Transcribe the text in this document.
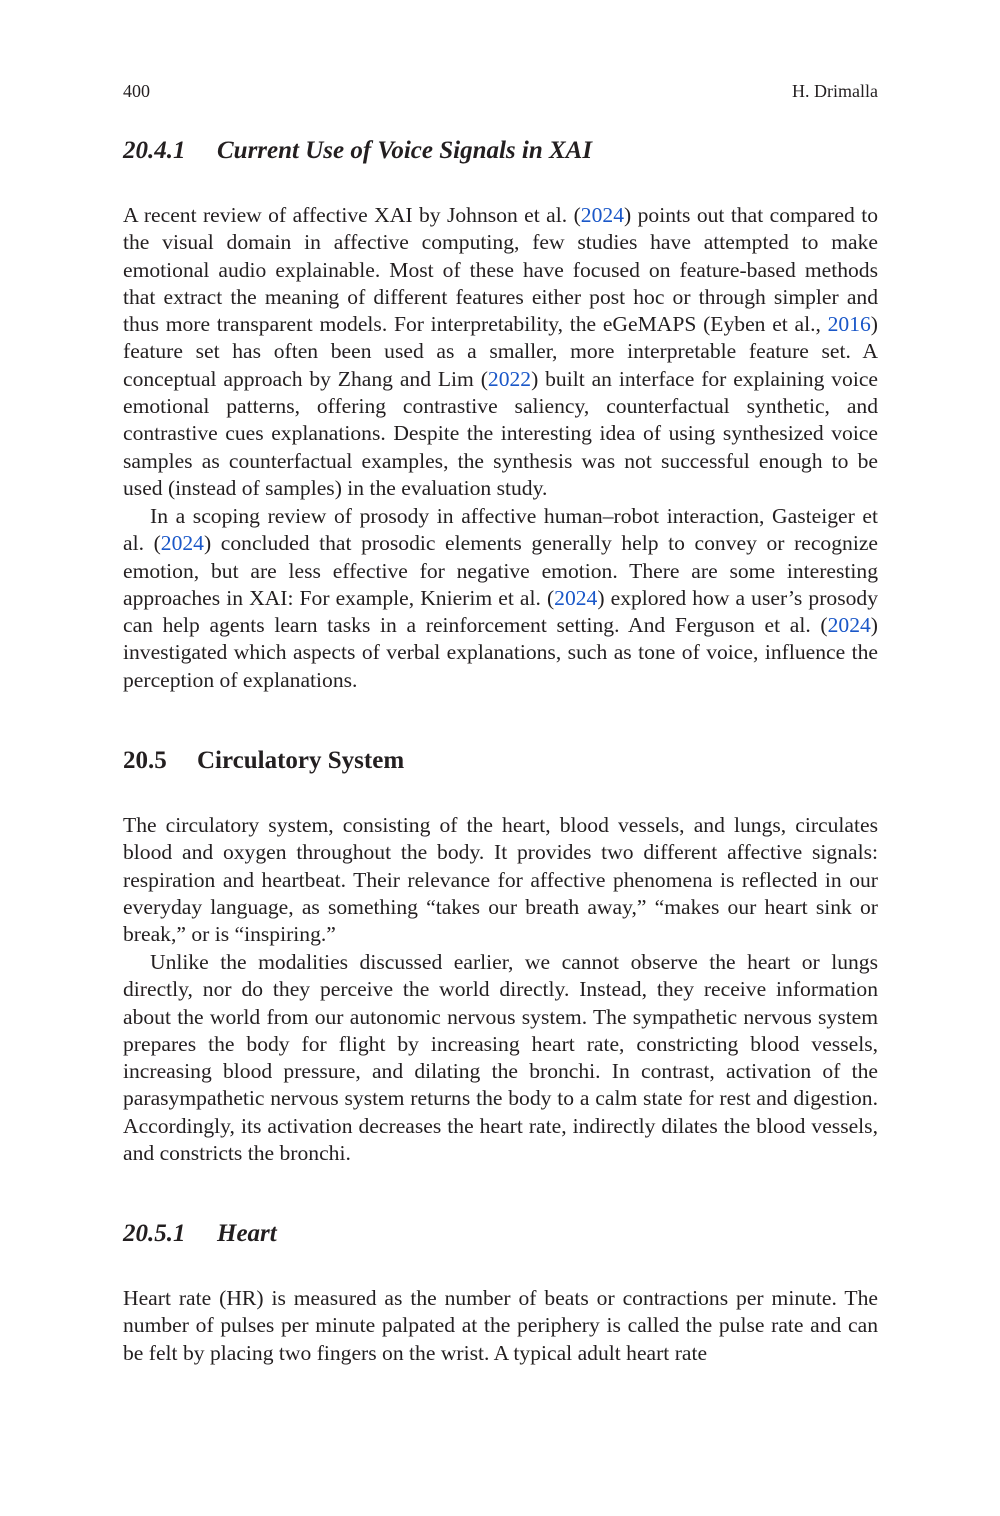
400	H. Drimalla
20.4.1 Current Use of Voice Signals in XAI

A recent review of affective XAI by Johnson et al. (2024) points out that compared to the visual domain in affective computing, few studies have attempted to make emotional audio explainable. Most of these have focused on feature-based methods that extract the meaning of different features either post hoc or through simpler and thus more transparent models. For interpretability, the eGeMAPS (Eyben et al., 2016) feature set has often been used as a smaller, more interpretable feature set. A conceptual approach by Zhang and Lim (2022) built an interface for explaining voice emotional patterns, offering contrastive saliency, counterfactual synthetic, and contrastive cues explanations. Despite the interesting idea of using synthesized voice samples as counterfactual examples, the synthesis was not successful enough to be used (instead of samples) in the evaluation study.

In a scoping review of prosody in affective human–robot interaction, Gasteiger et al. (2024) concluded that prosodic elements generally help to convey or recognize emotion, but are less effective for negative emotion. There are some interesting approaches in XAI: For example, Knierim et al. (2024) explored how a user’s prosody can help agents learn tasks in a reinforcement setting. And Ferguson et al. (2024) investigated which aspects of verbal explanations, such as tone of voice, influence the perception of explanations.

20.5 Circulatory System

The circulatory system, consisting of the heart, blood vessels, and lungs, circulates blood and oxygen throughout the body. It provides two different affective signals: respiration and heartbeat. Their relevance for affective phenomena is reflected in our everyday language, as something “takes our breath away,” “makes our heart sink or break,” or is “inspiring.”

Unlike the modalities discussed earlier, we cannot observe the heart or lungs directly, nor do they perceive the world directly. Instead, they receive information about the world from our autonomic nervous system. The sympathetic nervous system prepares the body for flight by increasing heart rate, constricting blood vessels, increasing blood pressure, and dilating the bronchi. In contrast, activation of the parasympathetic nervous system returns the body to a calm state for rest and digestion. Accordingly, its activation decreases the heart rate, indirectly dilates the blood vessels, and constricts the bronchi.

20.5.1 Heart

Heart rate (HR) is measured as the number of beats or contractions per minute. The number of pulses per minute palpated at the periphery is called the pulse rate and can be felt by placing two fingers on the wrist. A typical adult heart rate
